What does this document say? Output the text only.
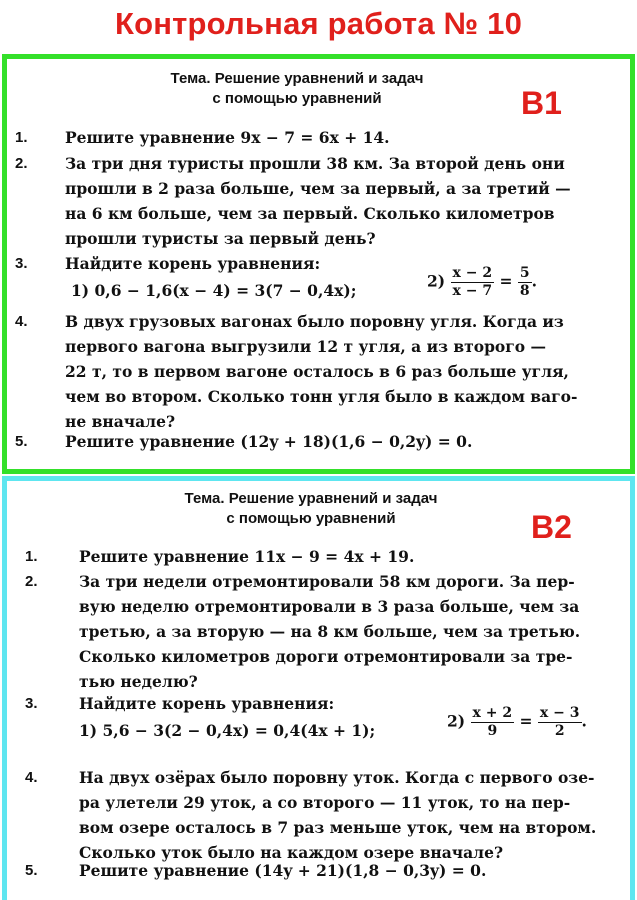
Контрольная работа № 10
Тема. Решение уравнений и задач
с помощью уравнений	В1
1. Решите уравнение 9x − 7 = 6x + 14.
2. За три дня туристы прошли 38 км. За второй день они
прошли в 2 раза больше, чем за первый, а за третий —
на 6 км больше, чем за первый. Сколько километров
прошли туристы за первый день?
3. Найдите корень уравнения:
1) 0,6 − 1,6(x − 4) = 3(7 − 0,4x);	$2) \frac{x - 2}{x - 7} = \frac{5}{8}$ .
4. В двух грузовых вагонах было поровну угля. Когда из
первого вагона выгрузили 12 т угля, а из второго —
22 т, то в первом вагоне осталось в 6 раз больше угля,
чем во втором. Сколько тонн угля было в каждом ваго-
не вначале?
5. Решите уравнение (12y + 18)(1,6 − 0,2y) = 0.
Тема. Решение уравнений и задач
с помощью уравнений	В2
1.	Решите уравнение 11x − 9 = 4x + 19.
2.	За три недели отремонтировали 58 км дороги. За пер-
вую неделю отремонтировали в 3 раза больше, чем за
третью, а за вторую — на 8 км больше, чем за третью.
Сколько километров дороги отремонтировали за тре-
тью неделю?
3.	Найдите корень уравнения:
1) 5,6 − 3(2 − 0,4x) = 0,4(4x + 1);	$2) \frac{x + 2}{9} = \frac{x - 3}{2}$ .
4.	На двух озёрах было поровну уток. Когда с первого озе-
ра улетели 29 уток, а со второго — 11 уток, то на пер-
вом озере осталось в 7 раз меньше уток, чем на втором.
Сколько уток было на каждом озере вначале?
5.	Решите уравнение (14y + 21)(1,8 − 0,3y) = 0.
